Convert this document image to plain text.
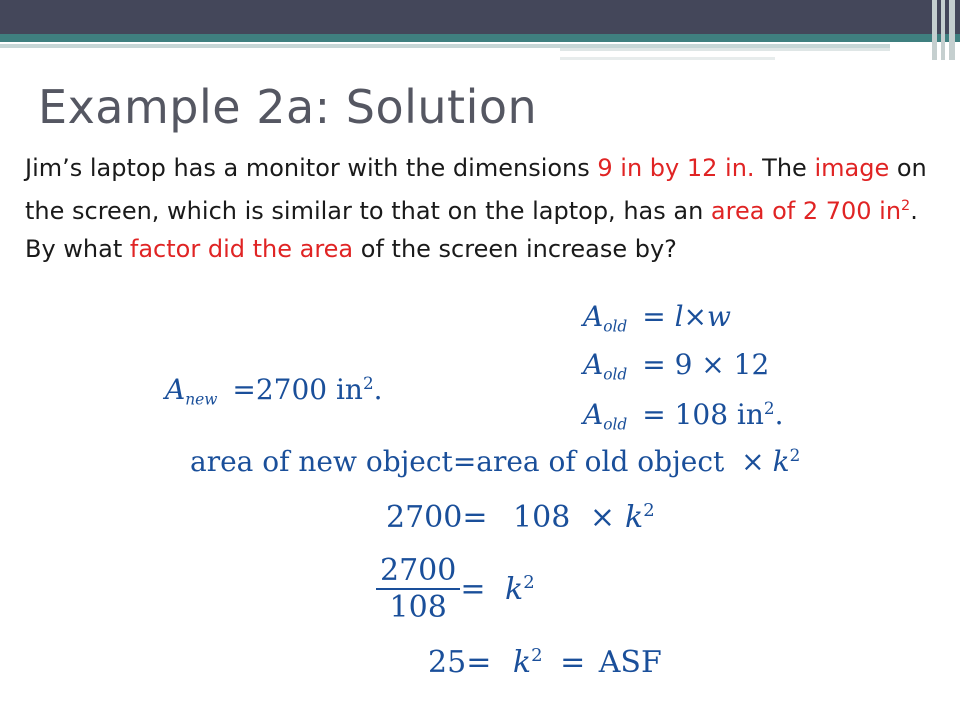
Example 2a: Solution
Jim’s laptop has a monitor with the dimensions 9 in by 12 in. The image on the screen, which is similar to that on the laptop, has an area of 2 700 $in^2$.
By what factor did the area of the screen increase by?
$A_{old} = l\times w$
$A_{old} = 9 \times 12$
$A_{old} = 108$ $in^2$.
$A_{new} =2700$ $in^2$.
area of new object=area of old object × $k^2$
$2700= 108 \times k^2$
$\frac{2700}{108} = k^2$
$25= k^2$ = ASF
